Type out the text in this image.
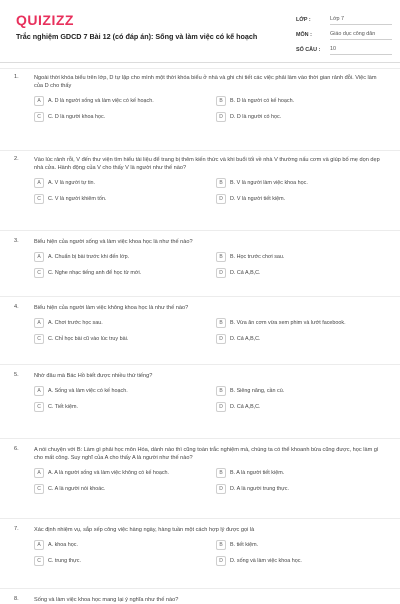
QUIZIZZ
Trắc nghiệm GDCD 7 Bài 12 (có đáp án): Sống và làm việc có kế hoạch
LỚP :	Lớp 7
MÔN :	Giáo dục công dân
SỐ CÂU :	10
1.	Ngoài thời khóa biểu trên lớp, D tự lập cho mình một thời khóa biểu ở nhà và ghi chi tiết các việc phải làm vào thời gian rảnh đỗi. Việc làm của D cho thấy
A	A. D là người sống và làm việc có kế hoạch.	B	B. D là người có kế hoạch.
C	C. D là người khoa học.	D	D. D là người có học.
2.	Vào lúc rảnh rỗi, V đến thư viện tìm hiểu tài liệu để trang bị thêm kiến thức và khi buổi tối về nhà V thường nấu cơm và giúp bố mẹ dọn dẹp nhà cửa. Hành động của V cho thấy V là người như thế nào?
A	A. V là người tự tin.	B	B. V là người làm việc khoa học.
C	C. V là người khiêm tốn.	D	D. V là người tiết kiệm.
3.	Biểu hiện của người sống và làm việc khoa học là như thế nào?
A	A. Chuẩn bị bài trước khi đến lớp.	B	B. Học trước chơi sau.
C	C. Nghe nhạc tiếng anh để học từ mới.	D	D. Cả A,B,C.
4.	Biểu hiện của người làm việc không khoa học là như thế nào?
A	A. Chơi trước học sau.	B	B. Vừa ăn cơm vừa xem phim và lướt facebook.
C	C. Chỉ học bài cũ vào lúc truy bài.	D	D. Cả A,B,C.
5.	Nhờ đâu mà Bác Hồ biết được nhiều thứ tiếng?
A	A. Sống và làm việc có kế hoạch.	B	B. Siêng năng, cần cù.
C	C. Tiết kiệm.	D	D. Cả A,B,C.
6.	A nói chuyện với B: Làm gì phải học môn Hóa, dành nào thì cũng toàn trắc nghiệm mà, chúng ta có thể khoanh bừa cũng được, học làm gì cho mất công. Suy nghĩ của A cho thấy A là người như thế nào?
A	A. A là người sống và làm việc không có kế hoạch.	B	B. A là người tiết kiệm.
C	C. A là người nói khoác.	D	D. A là người trung thực.
7.	Xác định nhiệm vụ, sắp xếp công việc hàng ngày, hàng tuần một cách hợp lý được gọi là
A	A. khoa học.	B	B. tiết kiệm.
C	C. trung thực.	D	D. sống và làm việc khoa học.
8.	Sống và làm việc khoa học mang lại ý nghĩa như thế nào?
